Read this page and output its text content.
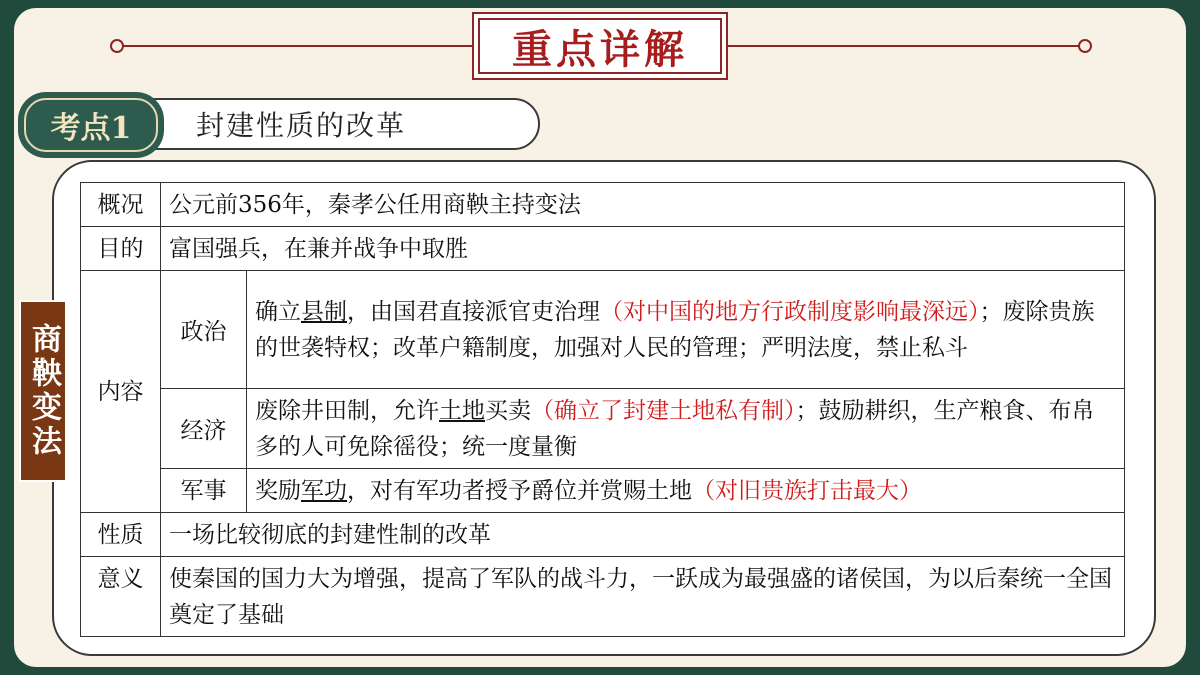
重点详解
考点1 封建性质的改革
商鞅变法
概况	公元前356年，秦孝公任用商鞅主持变法	
目的	富国强兵，在兼并战争中取胜	
内容	政治	确立县制，由国君直接派官吏治理（对中国的地方行政制度影响最深远）；废除贵族的世袭特权；改革户籍制度，加强对人民的管理；严明法度，禁止私斗
	经济	废除井田制，允许土地买卖（确立了封建土地私有制）；鼓励耕织，生产粮食、布帛多的人可免除徭役；统一度量衡
	军事	奖励军功，对有军功者授予爵位并赏赐土地（对旧贵族打击最大）
性质	一场比较彻底的封建性制的改革	
意义	使秦国的国力大为增强，提高了军队的战斗力，一跃成为最强盛的诸侯国，为以后秦统一全国奠定了基础	
